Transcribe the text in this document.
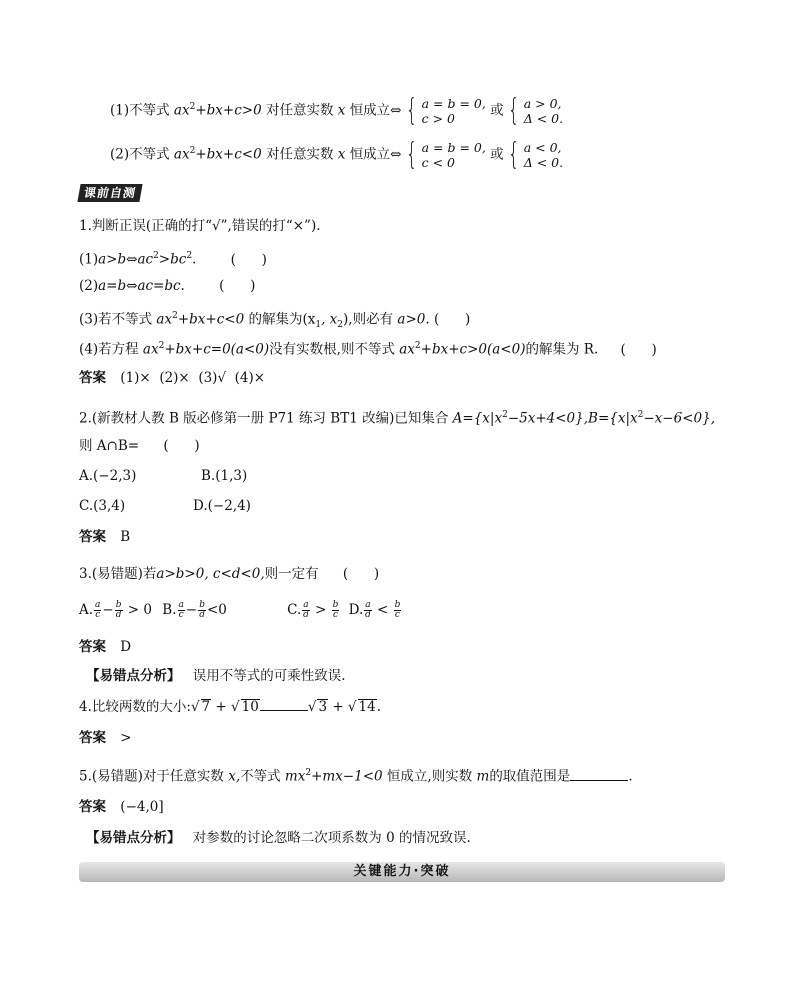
(1)不等式 $ax^2+bx+c>0$ 对任意实数 x 恒成立⇔ { a = b = 0,
c > 0	或 { a > 0,
Δ < 0.
(2)不等式 $ax^2+bx+c<0$ 对任意实数 x 恒成立⇔ { a = b = 0,
c < 0	或 { a < 0,
Δ < 0.
课前自测
1.判断正误(正确的打“√”,错误的打“×”).
$(1)a>b\Leftrightarrow ac^2>bc^2$.	(      )
(2)a=b⇔ac=bc.	(      )
(3)若不等式 $ax^2+bx+c<0$ 的解集为($x_1$, $x_2$),则必有 a>0. (      )
(4)若方程 $ax^2+bx+c=0(a<0)$没有实数根,则不等式 $ax^2+bx+c>0(a<0)$的解集为 R. (      )
答案 (1)×  (2)×  (3)√  (4)×
2.(新教材人教 B 版必修第一册 P71 练习 BT1 改编)已知集合 $A=\{x|x^2-5x+4<0\},B=\{x|x^2-x-6<0\}$,
则 A∩B= (      )
A.(−2,3)	B.(1,3)
C.(3,4)	D.(−2,4)
答案 B
3.(易错题)若a>b>0, c<d<0,则一定有 (      )
A. $\frac{a}{c} - \frac{b}{d} > 0$ B. $\frac{a}{c} - \frac{b}{d} <0$	C. $\frac{a}{d} > \frac{b}{c} D$. $\frac{a}{d} < \frac{b}{c}$
答案 D
【易错点分析】 误用不等式的可乘性致误.
4.比较两数的大小:√ 7 + √ 10	√ 3 + √ 14.
答案 >
5.(易错题)对于任意实数 x,不等式 $mx^2+mx-1<0$ 恒成立,则实数 m的取值范围是	.
答案 (−4,0]
【易错点分析】 对参数的讨论忽略二次项系数为 0 的情况致误.
关键能力·突破
